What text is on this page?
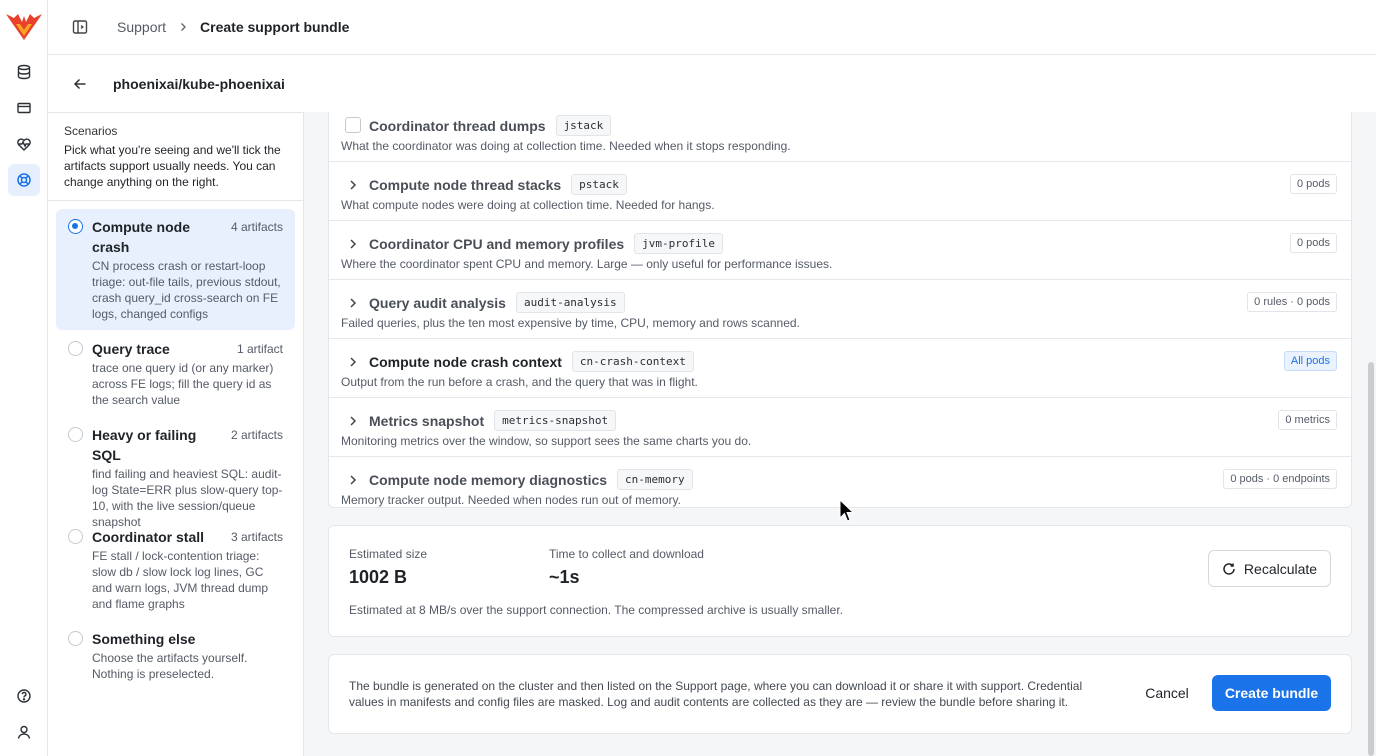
Support Create support bundle
phoenixai/kube-phoenixai
Scenarios
Pick what you're seeing and we'll tick the artifacts support usually needs. You can change anything on the right.
Compute node crash
4 artifacts
CN process crash or restart-loop triage: out-file tails, previous stdout, crash query_id cross-search on FE logs, changed configs
Query trace	1 artifact
trace one query id (or any marker) across FE logs; fill the query id as the search value
Heavy or failing SQL
2 artifacts
find failing and heaviest SQL: audit-log State=ERR plus slow-query top-10, with the live session/queue snapshot
Coordinator stall 3 artifacts
FE stall / lock-contention triage: slow db / slow lock log lines, GC and warn logs, JVM thread dump and flame graphs
Something else
Choose the artifacts yourself. Nothing is preselected.
Coordinator thread dumps	jstack
What the coordinator was doing at collection time. Needed when it stops responding.
Compute node thread stacks	pstack
What compute nodes were doing at collection time. Needed for hangs.
0 pods
Coordinator CPU and memory profiles	jvm-profile
Where the coordinator spent CPU and memory. Large — only useful for performance issues.
0 pods
Query audit analysis	audit-analysis
Failed queries, plus the ten most expensive by time, CPU, memory and rows scanned.
0 rules · 0 pods
Compute node crash context	cn-crash-context
Output from the run before a crash, and the query that was in flight.
All pods
Metrics snapshot	metrics-snapshot
Monitoring metrics over the window, so support sees the same charts you do.
0 metrics
Compute node memory diagnostics	cn-memory
Memory tracker output. Needed when nodes run out of memory.
0 pods · 0 endpoints
Estimated size
1002 B
Time to collect and download
~1s
Estimated at 8 MB/s over the support connection. The compressed archive is usually smaller.
Recalculate
The bundle is generated on the cluster and then listed on the Support page, where you can download it or share it with support. Credential values in manifests and config files are masked. Log and audit contents are collected as they are — review the bundle before sharing it.
Cancel	Create bundle
